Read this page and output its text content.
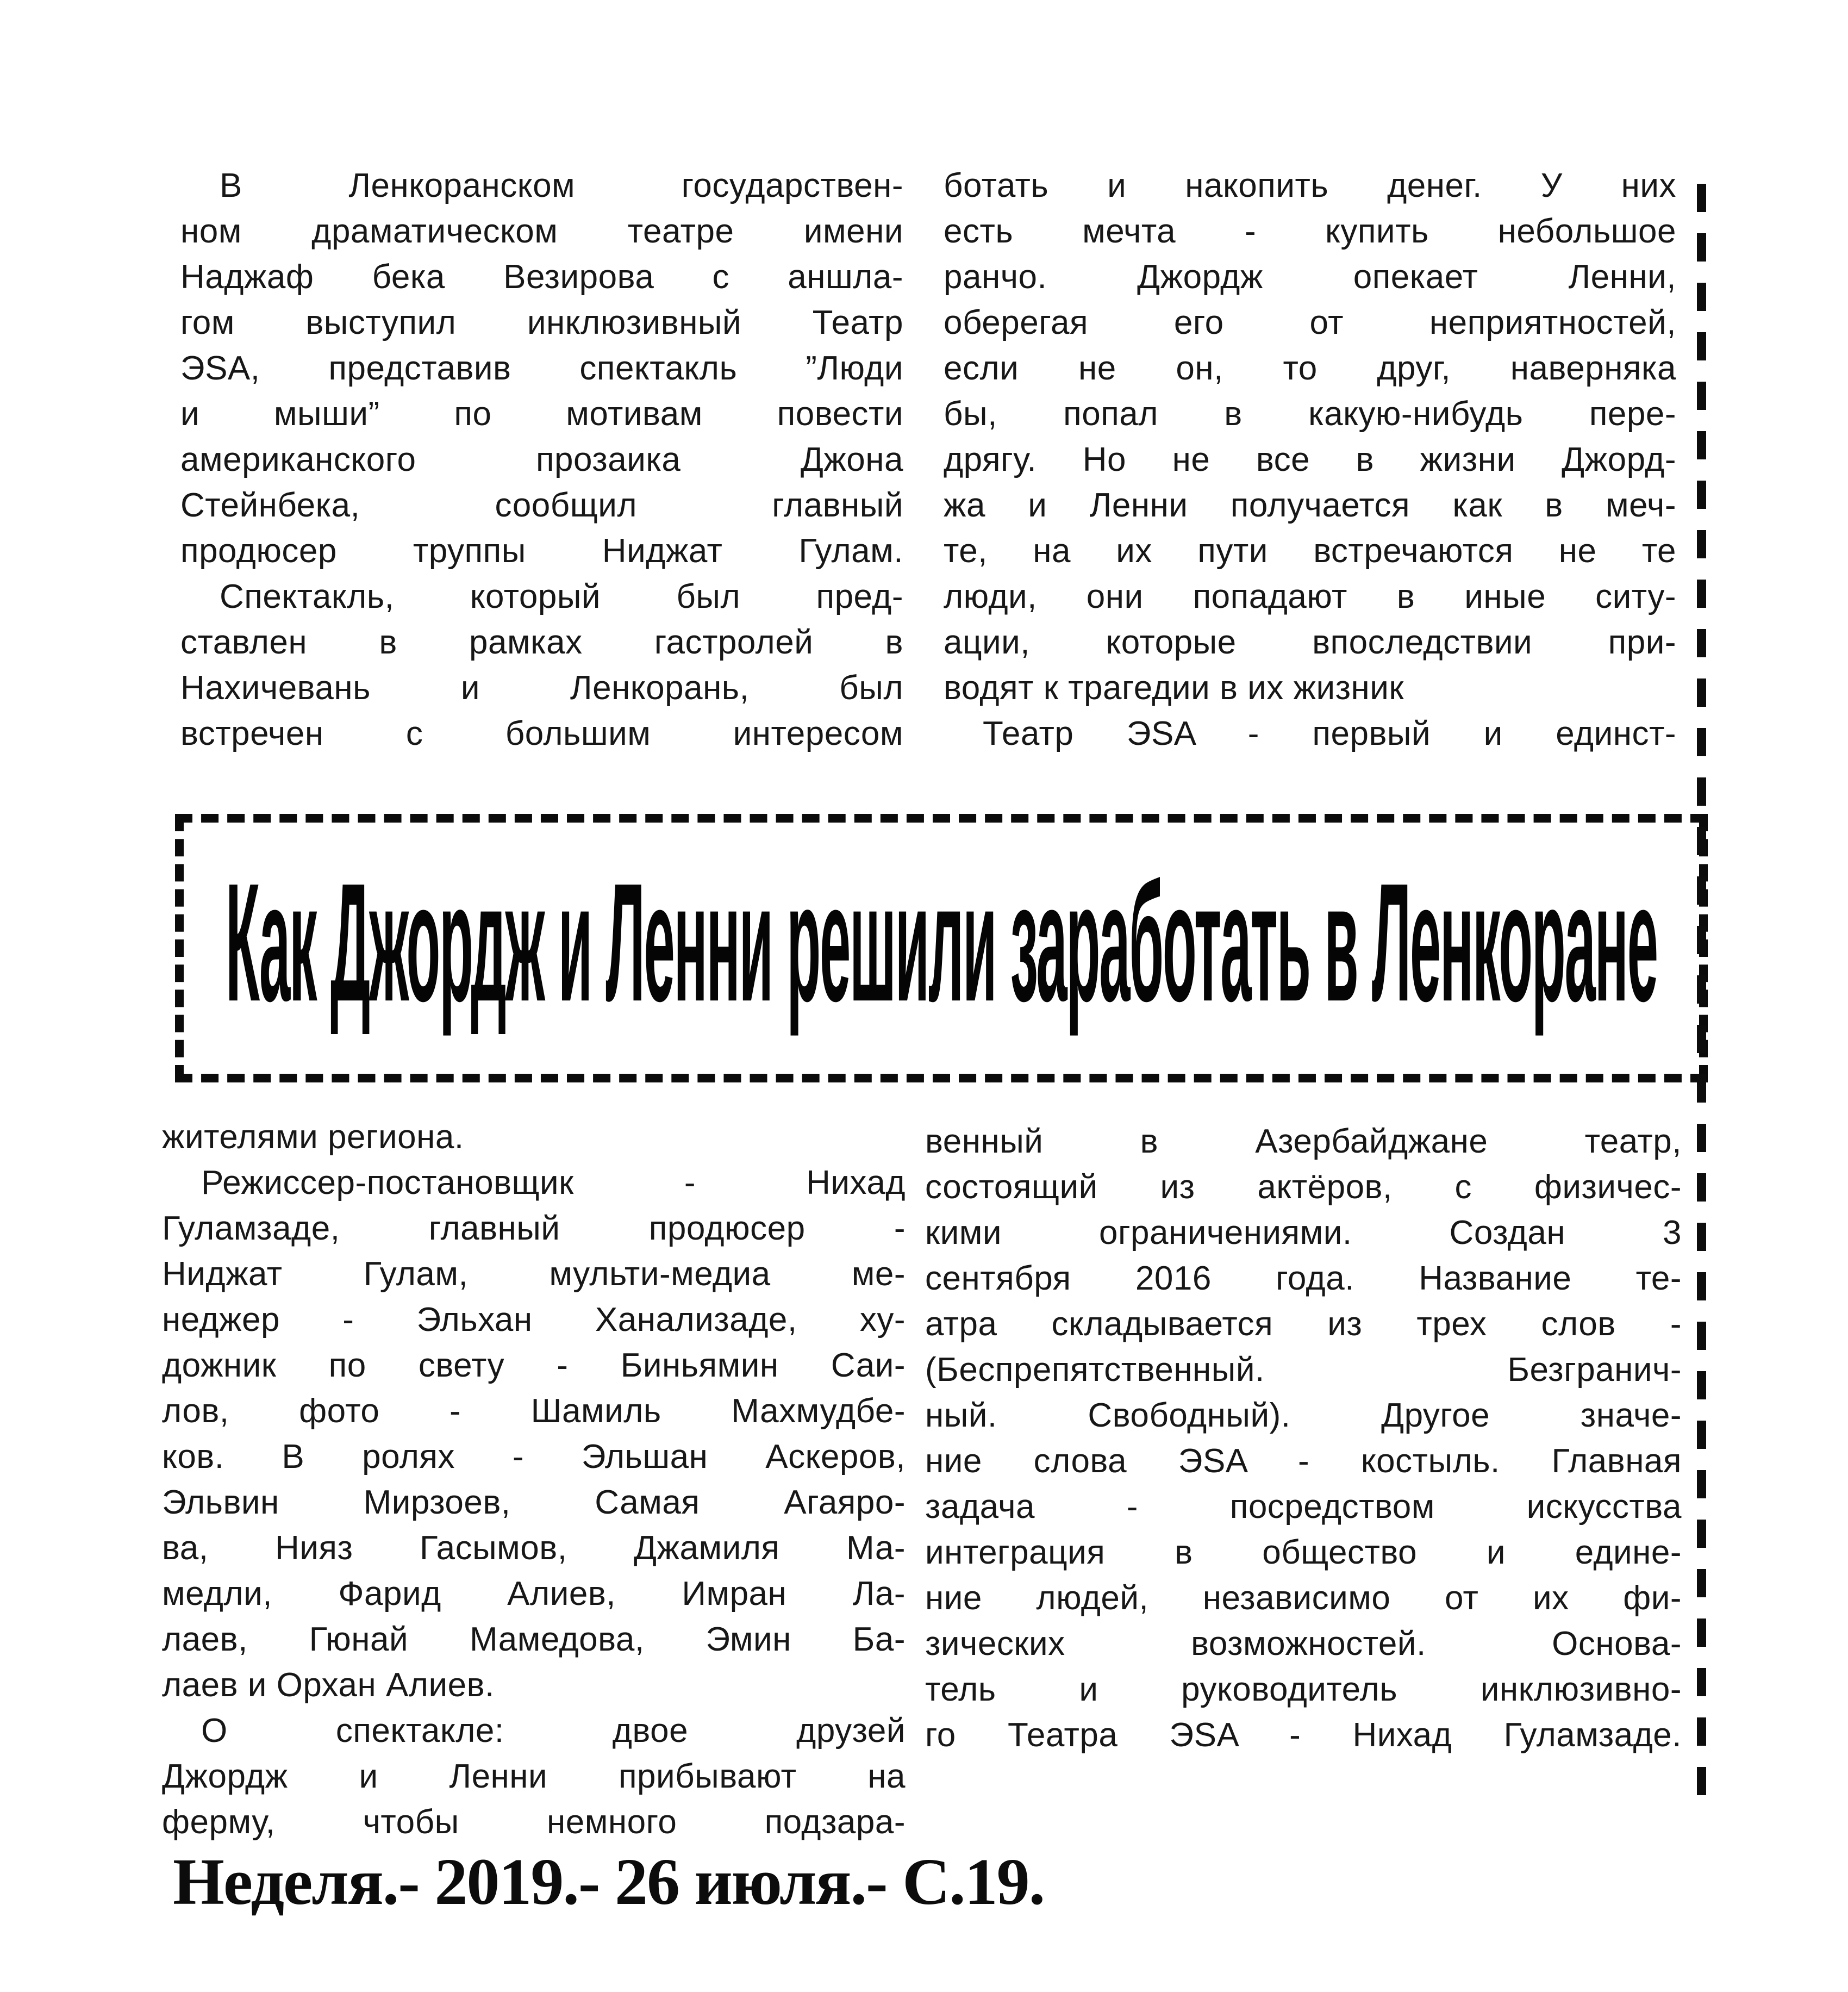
В Ленкоранском государствен-
ном драматическом театре имени
Наджаф бека Везирова с аншла-
гом выступил инклюзивный Театр
ЭSA, представив спектакль ”Люди
и мыши” по мотивам повести
американского прозаика Джона
Стейнбека, сообщил главный
продюсер труппы Ниджат Гулам.
Спектакль, который был пред-
ставлен в рамках гастролей в
Нахичевань и Ленкорань, был
встречен с большим интересом
ботать и накопить денег. У них
есть мечта - купить небольшое
ранчо. Джордж опекает Ленни,
оберегая его от неприятностей,
если не он, то друг, наверняка
бы, попал в какую-нибудь пере-
дрягу. Но не все в жизни Джорд-
жа и Ленни получается как в меч-
те, на их пути встречаются не те
люди, они попадают в иные ситу-
ации, которые впоследствии при-
водят к трагедии в их жизник
Театр ЭSA - первый и единст-
Как Джордж и Ленни решили заработать в Ленкоране
жителями региона.
Режиссер-постановщик - Нихад
Гуламзаде, главный продюсер -
Ниджат Гулам, мульти-медиа ме-
неджер - Эльхан Ханализаде, ху-
дожник по свету - Биньямин Саи-
лов, фото - Шамиль Махмудбе-
ков. В ролях - Эльшан Аскеров,
Эльвин Мирзоев, Самая Агаяро-
ва, Нияз Гасымов, Джамиля Ма-
медли, Фарид Алиев, Имран Ла-
лаев, Гюнай Мамедова, Эмин Ба-
лаев и Орхан Алиев.
О спектакле: двое друзей
Джордж и Ленни прибывают на
ферму, чтобы немного подзара-
венный в Азербайджане театр,
состоящий из актёров, с физичес-
кими ограничениями. Создан 3
сентября 2016 года. Название те-
атра складывается из трех слов -
(Беспрепятственный. Безгранич-
ный. Свободный). Другое значе-
ние слова ЭSA - костыль. Главная
задача - посредством искусства
интеграция в общество и едине-
ние людей, независимо от их фи-
зических возможностей. Основа-
тель и руководитель инклюзивно-
го Театра ЭSA - Нихад Гуламзаде.
Неделя.- 2019.- 26 июля.- С.19.
